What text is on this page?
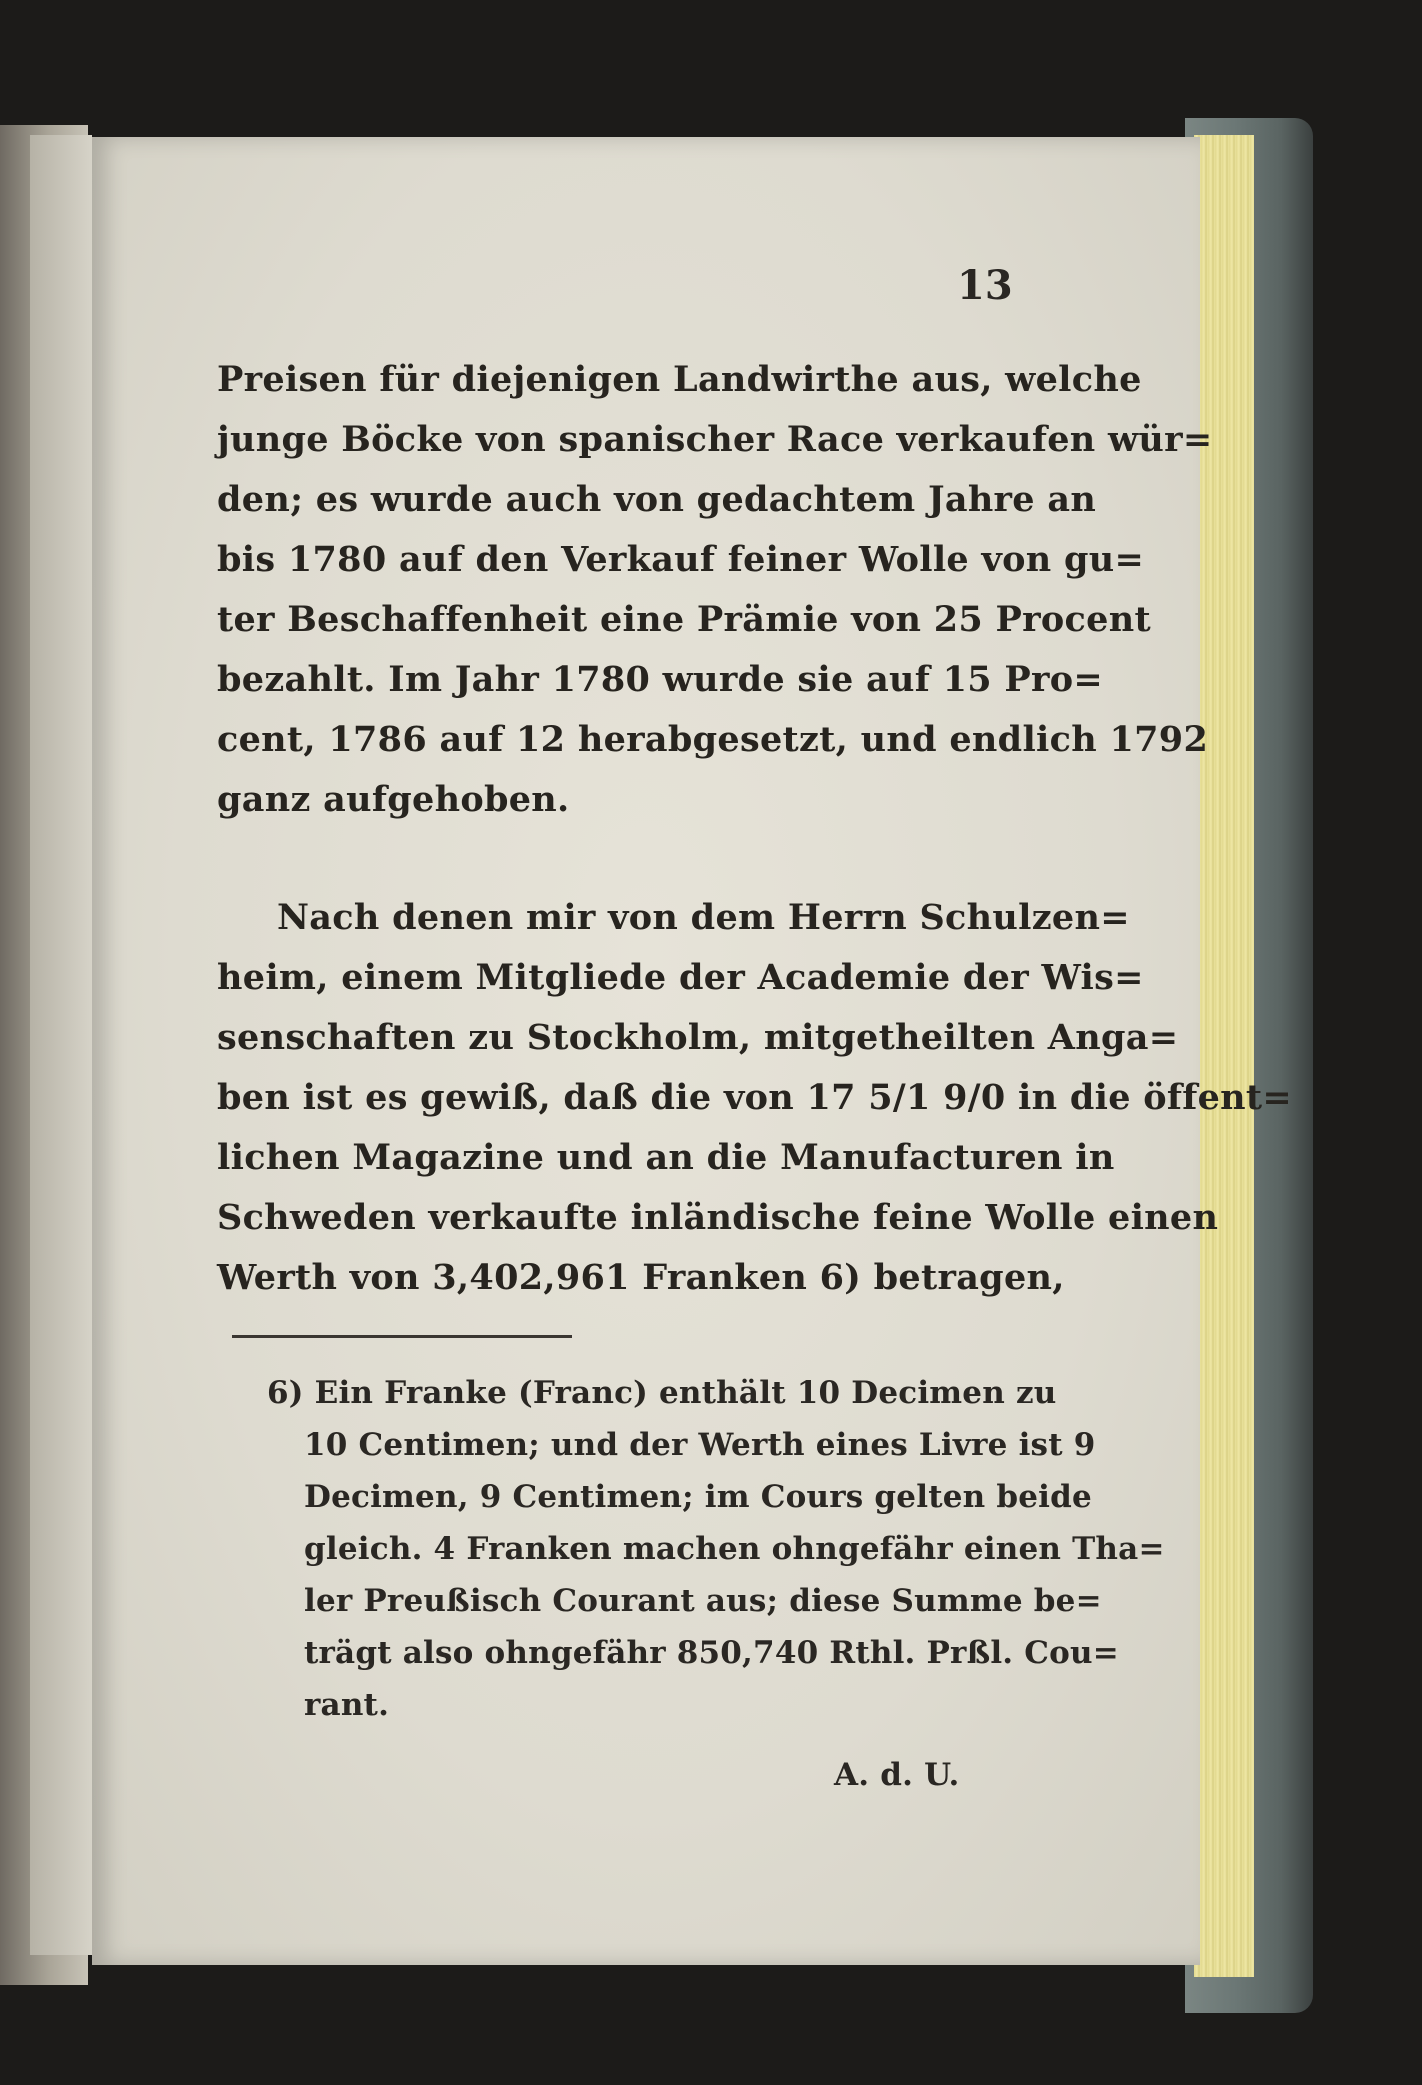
13
Preisen für diejenigen Landwirthe aus, welche
junge Böcke von spanischer Race verkaufen wür=
den; es wurde auch von gedachtem Jahre an
bis 1780 auf den Verkauf feiner Wolle von gu=
ter Beschaffenheit eine Prämie von 25 Procent
bezahlt. Im Jahr 1780 wurde sie auf 15 Pro=
cent, 1786 auf 12 herabgesetzt, und endlich 1792
ganz aufgehoben.
Nach denen mir von dem Herrn Schulzen=
heim, einem Mitgliede der Academie der Wis=
senschaften zu Stockholm, mitgetheilten Anga=
ben ist es gewiß, daß die von 17 5/1 9/0 in die öffent=
lichen Magazine und an die Manufacturen in
Schweden verkaufte inländische feine Wolle einen
Werth von 3,402,961 Franken 6) betragen,
6) Ein Franke (Franc) enthält 10 Decimen zu
10 Centimen; und der Werth eines Livre ist 9
Decimen, 9 Centimen; im Cours gelten beide
gleich. 4 Franken machen ohngefähr einen Tha=
ler Preußisch Courant aus; diese Summe be=
trägt also ohngefähr 850,740 Rthl. Prßl. Cou=
rant.
A. d. U.
